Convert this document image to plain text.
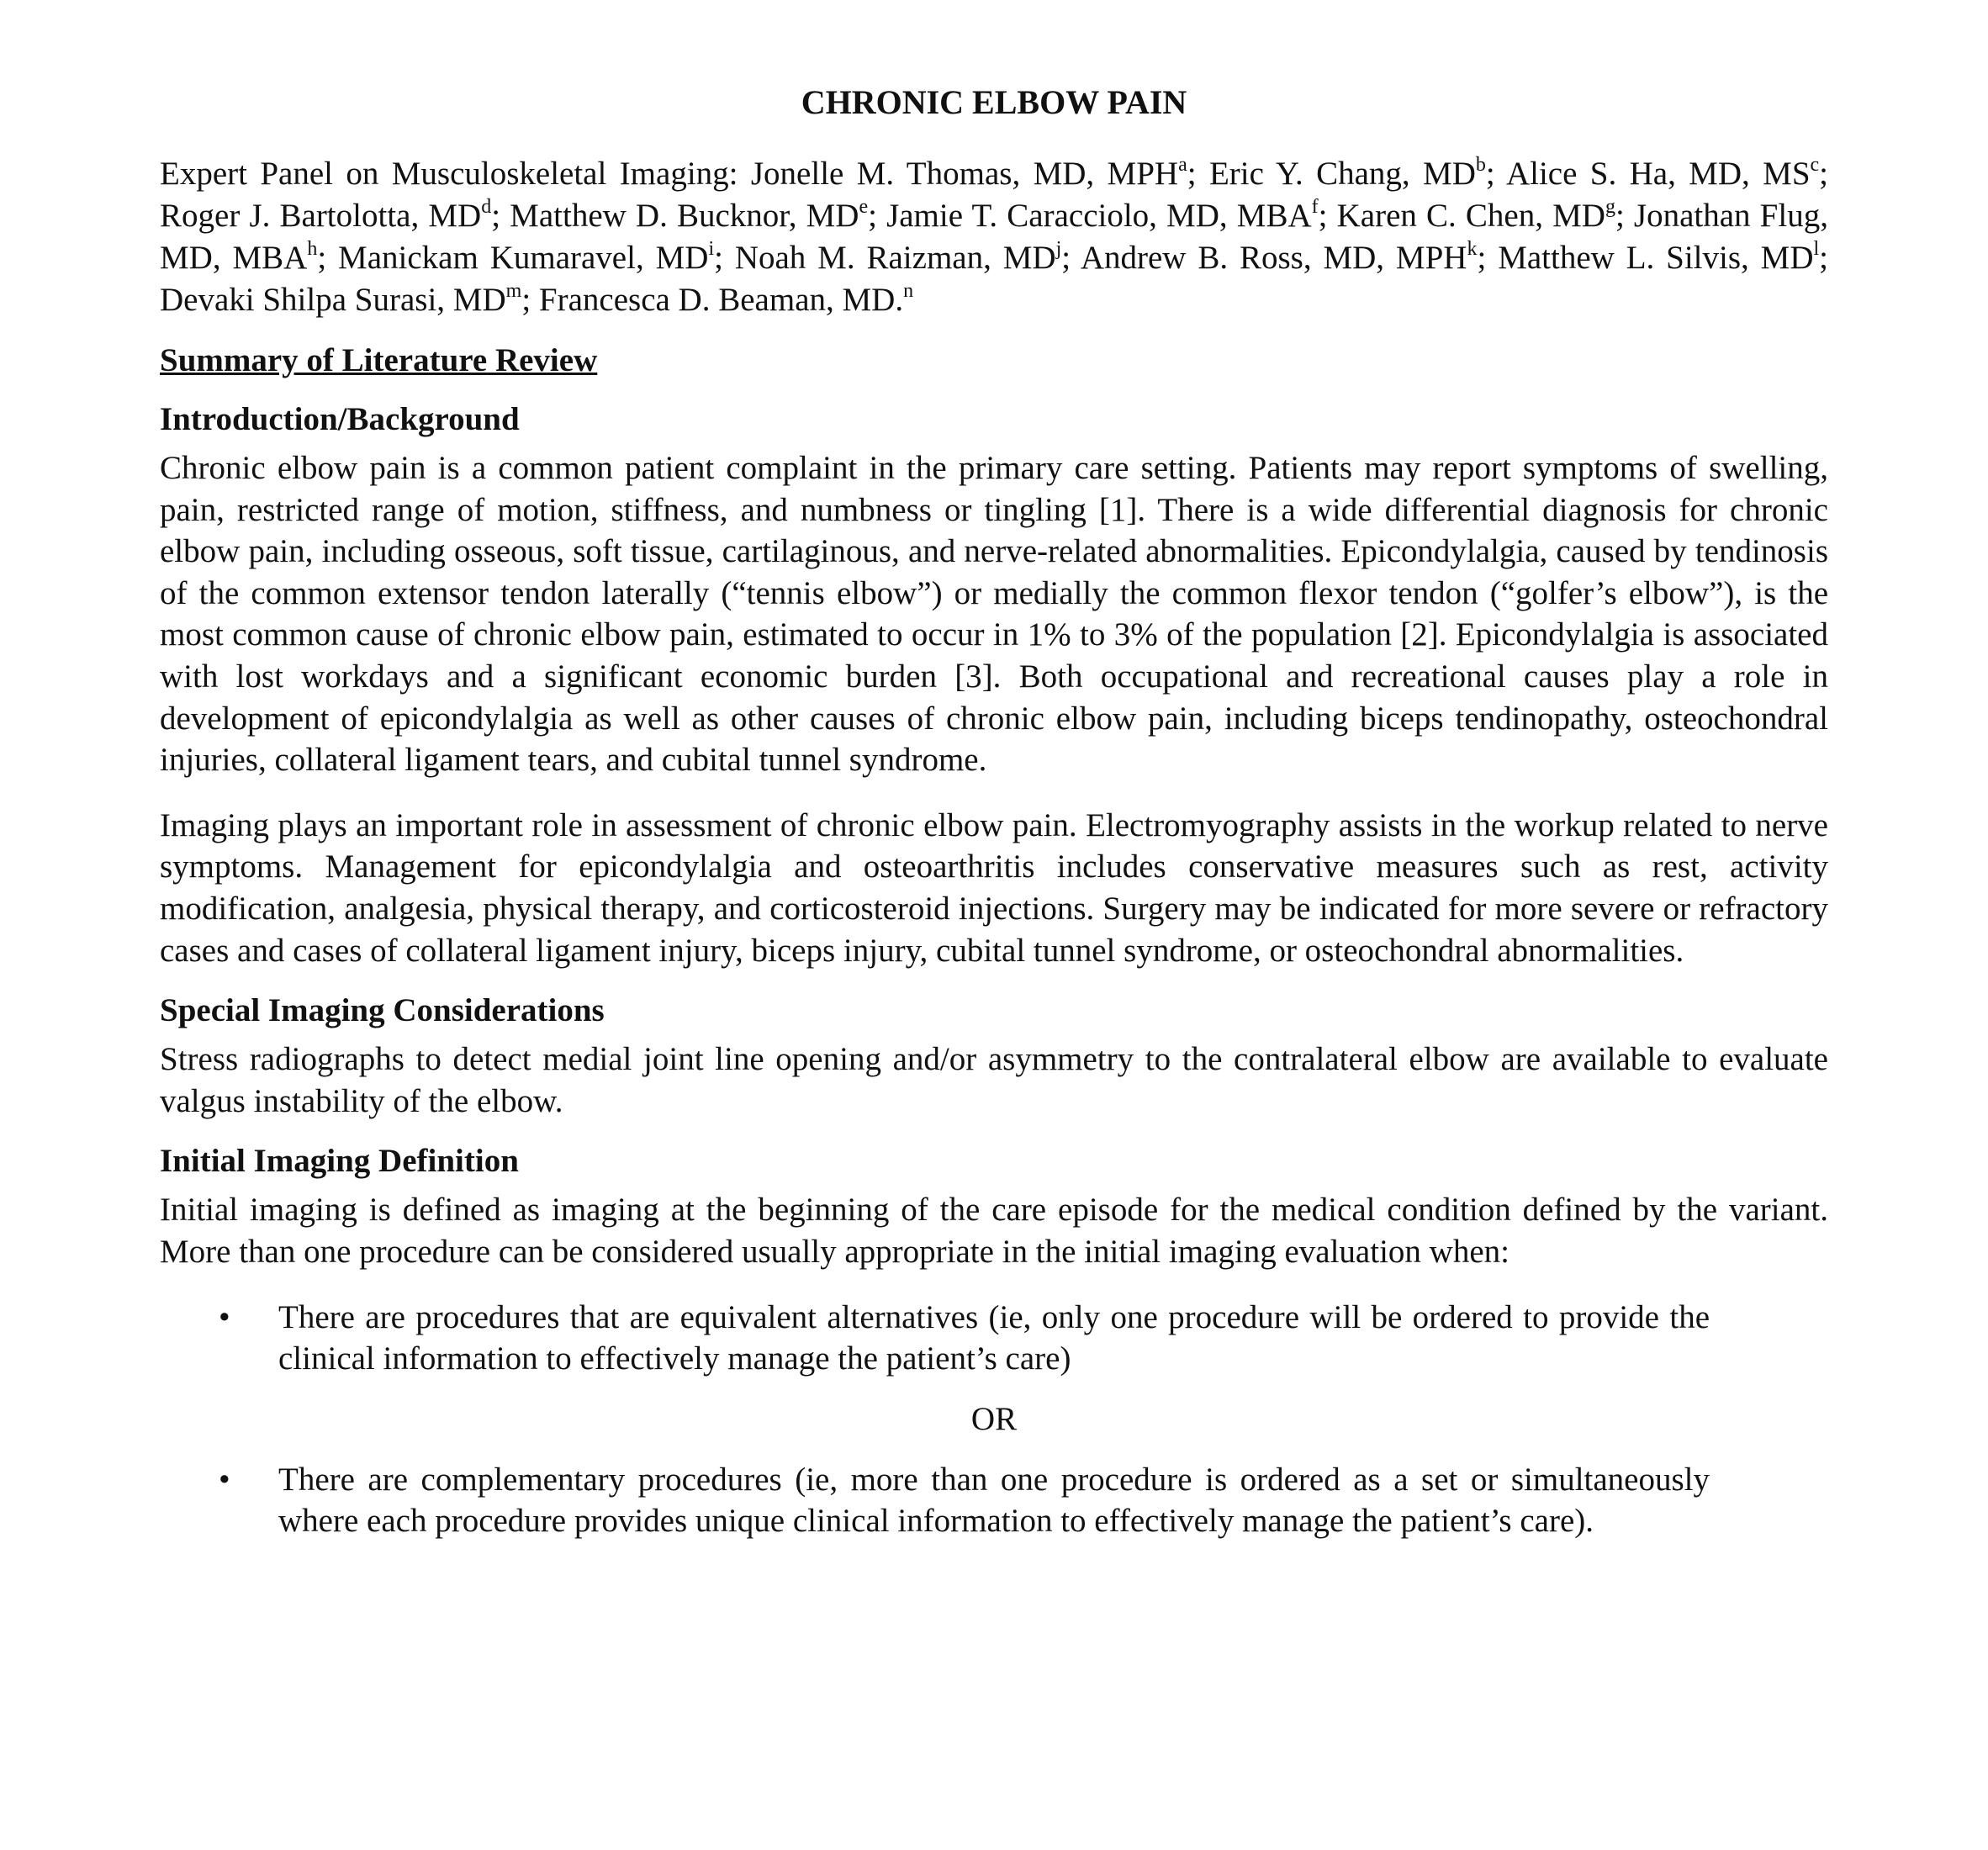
CHRONIC ELBOW PAIN
Expert Panel on Musculoskeletal Imaging: Jonelle M. Thomas, MD, MPH$^a$; Eric Y. Chang, $MD^b$; Alice S. Ha, MD, $MS^c$; Roger J. Bartolotta, $MD^d$; Matthew D. Bucknor, MDe; Jamie T. Caracciolo, MD, MBA$^f$; Karen C. Chen, $MD^g$; Jonathan Flug, MD, MBA$^h$; Manickam Kumaravel, $MD^i$; Noah M. Raizman, $MD^j$; Andrew B. Ross, MD, MPH$^k$; Matthew L. Silvis, $MD^l$; Devaki Shilpa Surasi, $MD^m$; Francesca D. Beaman, MD.$^n$
Summary of Literature Review
Introduction/Background
Chronic elbow pain is a common patient complaint in the primary care setting. Patients may report symptoms of swelling, pain, restricted range of motion, stiffness, and numbness or tingling [1]. There is a wide differential diagnosis for chronic elbow pain, including osseous, soft tissue, cartilaginous, and nerve-related abnormalities. Epicondylalgia, caused by tendinosis of the common extensor tendon laterally (“tennis elbow”) or medially the common flexor tendon (“golfer’s elbow”), is the most common cause of chronic elbow pain, estimated to occur in 1% to 3% of the population [2]. Epicondylalgia is associated with lost workdays and a significant economic burden [3]. Both occupational and recreational causes play a role in development of epicondylalgia as well as other causes of chronic elbow pain, including biceps tendinopathy, osteochondral injuries, collateral ligament tears, and cubital tunnel syndrome.
Imaging plays an important role in assessment of chronic elbow pain. Electromyography assists in the workup related to nerve symptoms. Management for epicondylalgia and osteoarthritis includes conservative measures such as rest, activity modification, analgesia, physical therapy, and corticosteroid injections. Surgery may be indicated for more severe or refractory cases and cases of collateral ligament injury, biceps injury, cubital tunnel syndrome, or osteochondral abnormalities.
Special Imaging Considerations
Stress radiographs to detect medial joint line opening and/or asymmetry to the contralateral elbow are available to evaluate valgus instability of the elbow.
Initial Imaging Definition
Initial imaging is defined as imaging at the beginning of the care episode for the medical condition defined by the variant. More than one procedure can be considered usually appropriate in the initial imaging evaluation when:
• There are procedures that are equivalent alternatives (ie, only one procedure will be ordered to provide the clinical information to effectively manage the patient’s care)
OR
• There are complementary procedures (ie, more than one procedure is ordered as a set or simultaneously where each procedure provides unique clinical information to effectively manage the patient’s care).
